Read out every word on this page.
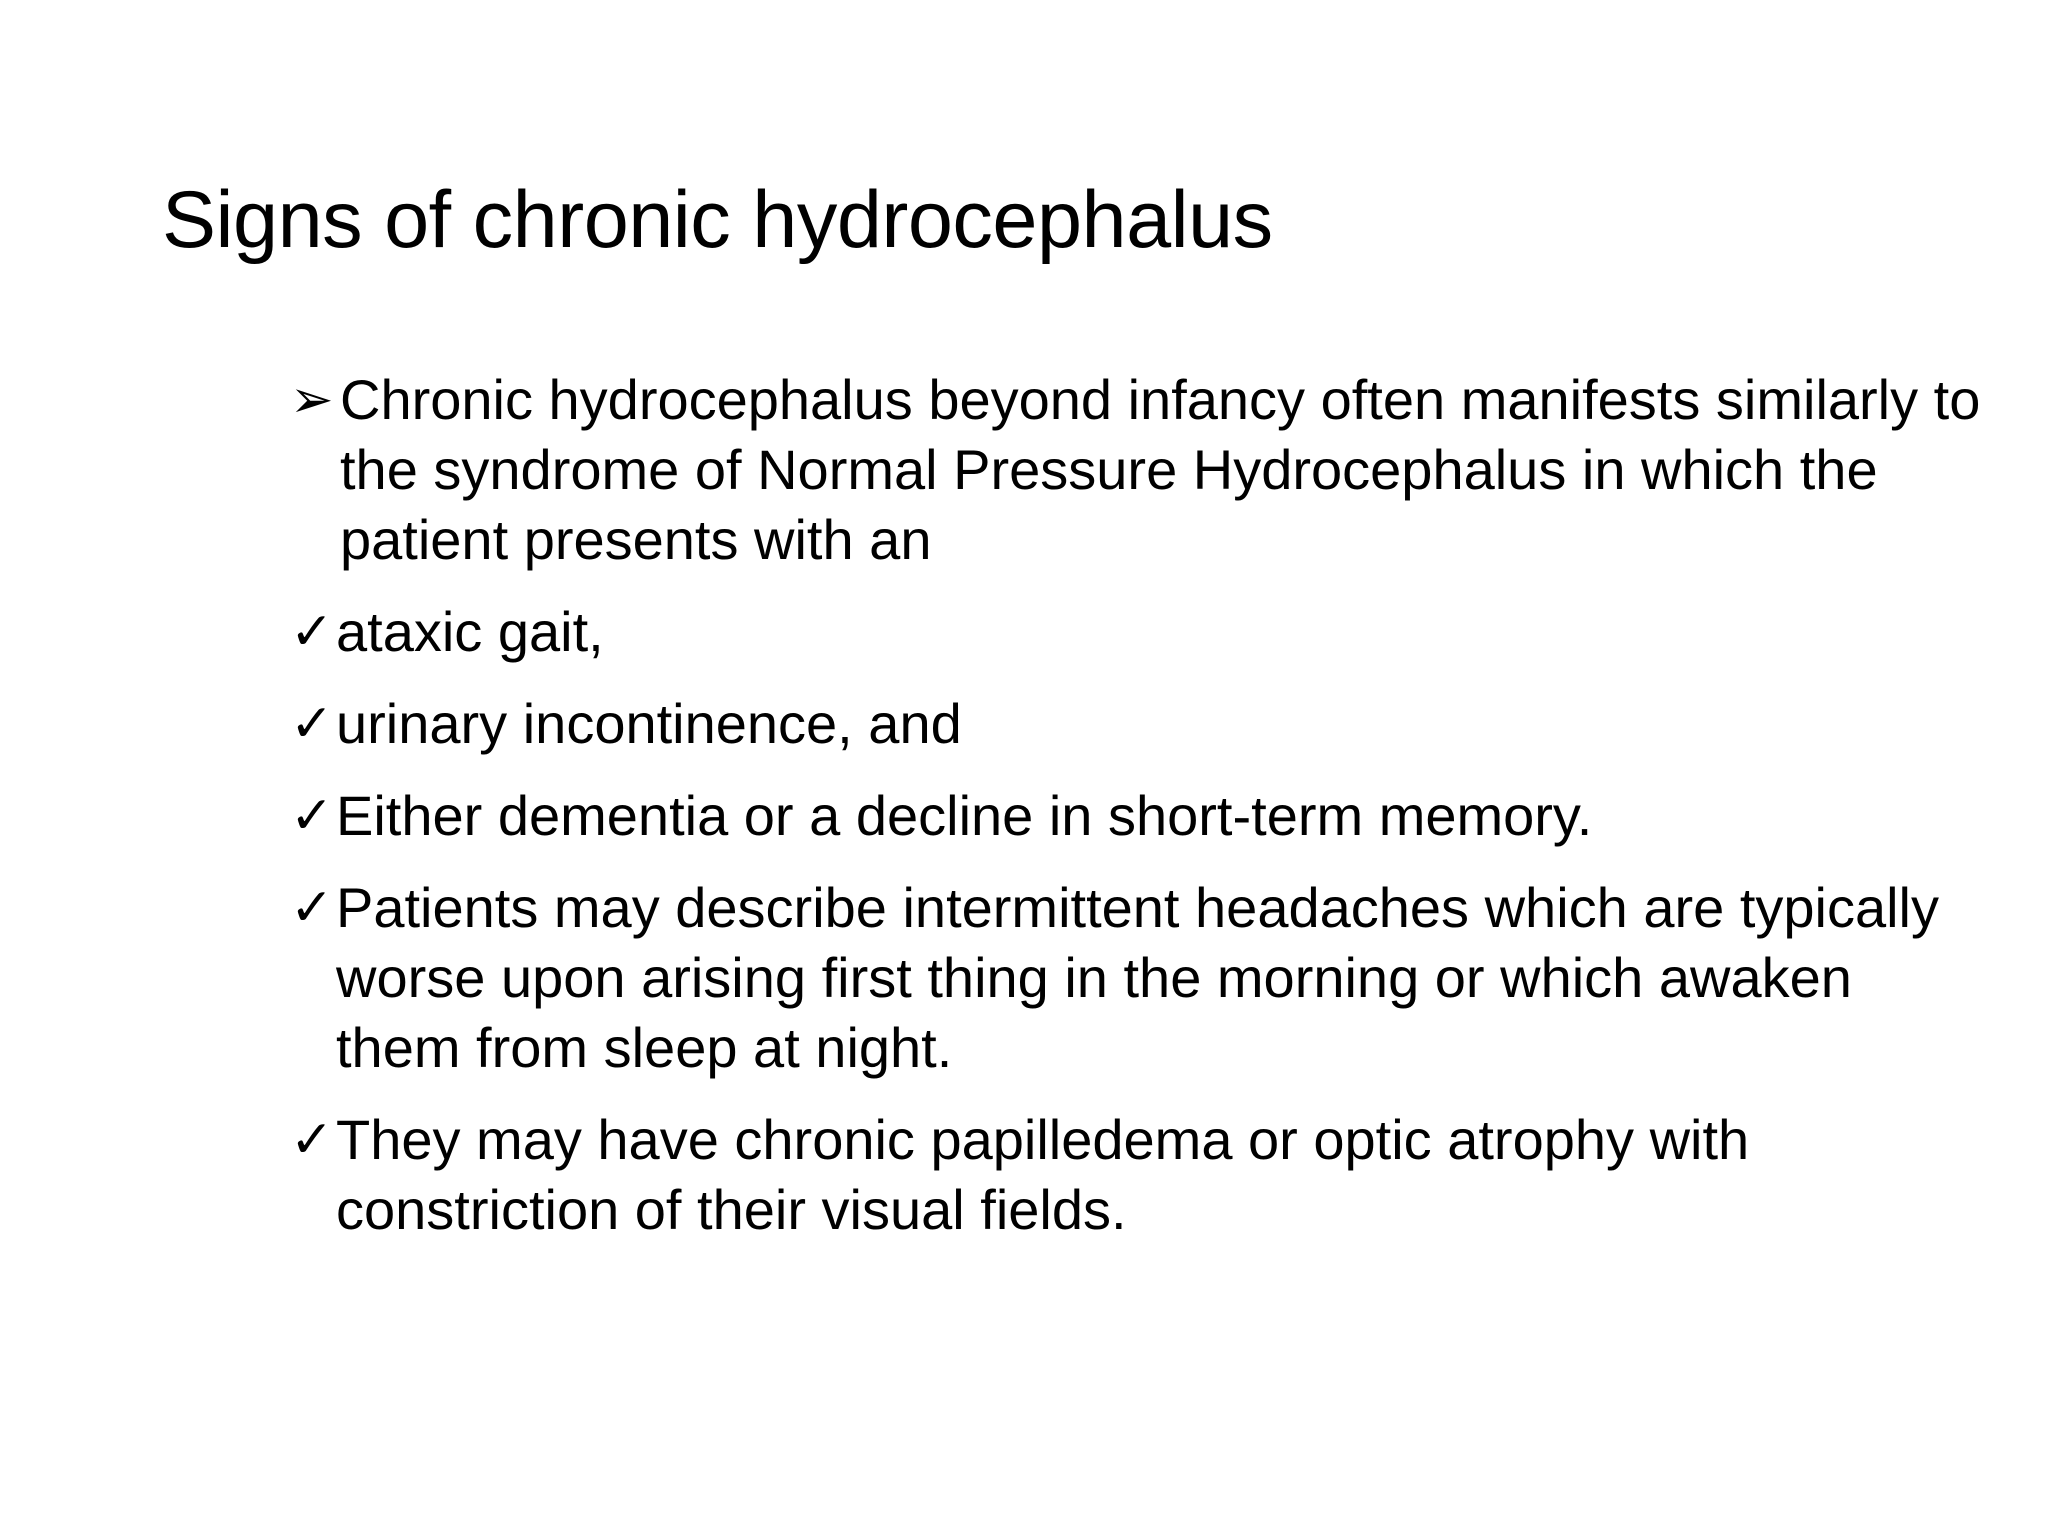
Signs of chronic hydrocephalus
➢ Chronic hydrocephalus beyond infancy often manifests similarly to the syndrome of Normal Pressure Hydrocephalus in which the patient presents with an
✓ ataxic gait,
✓ urinary incontinence, and
✓ Either dementia or a decline in short-term memory.
✓ Patients may describe intermittent headaches which are typically worse upon arising first thing in the morning or which awaken them from sleep at night.
✓ They may have chronic papilledema or optic atrophy with constriction of their visual fields.
